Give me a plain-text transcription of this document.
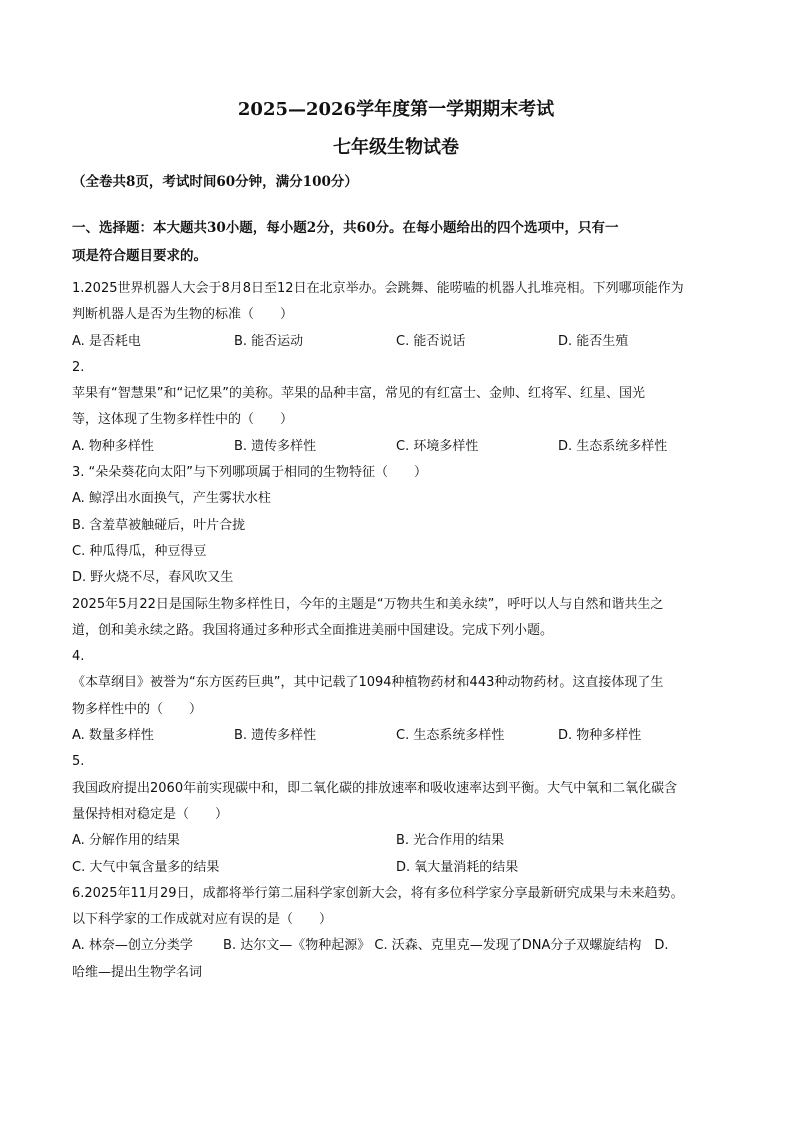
2025—2026学年度第一学期期末考试
七年级生物试卷
（全卷共8页，考试时间60分钟，满分100分）
一、选择题：本大题共30小题，每小题2分，共60分。在每小题给出的四个选项中，只有一
项是符合题目要求的。

1.2025世界机器人大会于8月8日至12日在北京举办。会跳舞、能唠嗑的机器人扎堆亮相。下列哪项能作为

判断机器人是否为生物的标准（　　）

A. 是否耗电	B. 能否运动	C. 能否说话	D. 能否生殖

2.

苹果有“智慧果”和“记忆果”的美称。苹果的品种丰富，常见的有红富士、金帅、红将军、红星、国光

等，这体现了生物多样性中的（　　）

A. 物种多样性	B. 遗传多样性	C. 环境多样性	D. 生态系统多样性

3. “朵朵葵花向太阳”与下列哪项属于相同的生物特征（　　）

A. 鲸浮出水面换气，产生雾状水柱

B. 含羞草被触碰后，叶片合拢

C. 种瓜得瓜，种豆得豆

D. 野火烧不尽，春风吹又生

2025年5月22日是国际生物多样性日，今年的主题是“万物共生和美永续”，呼吁以人与自然和谐共生之

道，创和美永续之路。我国将通过多种形式全面推进美丽中国建设。完成下列小题。

4.

《本草纲目》被誉为“东方医药巨典”，其中记载了1094种植物药材和443种动物药材。这直接体现了生

物多样性中的（　　）

A. 数量多样性	B. 遗传多样性	C. 生态系统多样性	D. 物种多样性

5.

我国政府提出2060年前实现碳中和，即二氧化碳的排放速率和吸收速率达到平衡。大气中氧和二氧化碳含

量保持相对稳定是（　　）

A. 分解作用的结果	B. 光合作用的结果
C. 大气中氧含量多的结果	D. 氧大量消耗的结果

6.2025年11月29日，成都将举行第二届科学家创新大会，将有多位科学家分享最新研究成果与未来趋势。

以下科学家的工作成就对应有误的是（　　）

A. 林奈—创立分类学　　 B. 达尔文—《物种起源》 C. 沃森、克里克—发现了DNA分子双螺旋结构　D.

哈维—提出生物学名词
